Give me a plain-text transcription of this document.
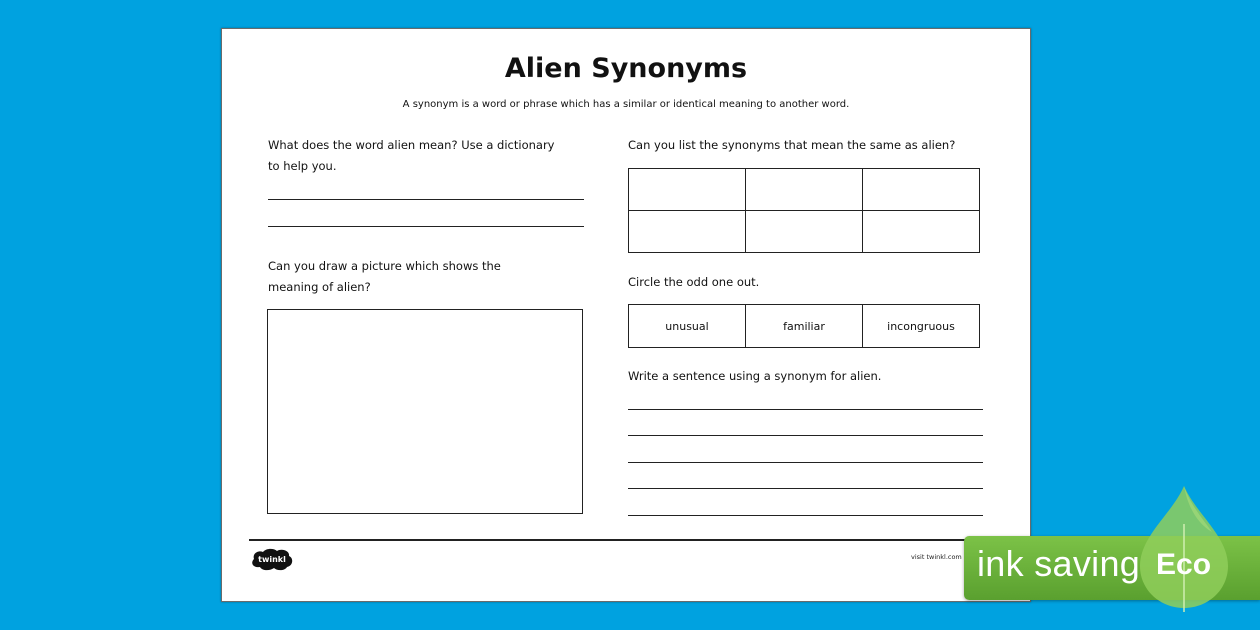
Alien Synonyms
A synonym is a word or phrase which has a similar or identical meaning to another word.
What does the word alien mean? Use a dictionary
to help you.
Can you draw a picture which shows the
meaning of alien?
Can you list the synonyms that mean the same as alien?

Circle the odd one out.
unusual	familiar	incongruous
Write a sentence using a synonym for alien.
twinkl	visit twinkl.com ink saving Eco
